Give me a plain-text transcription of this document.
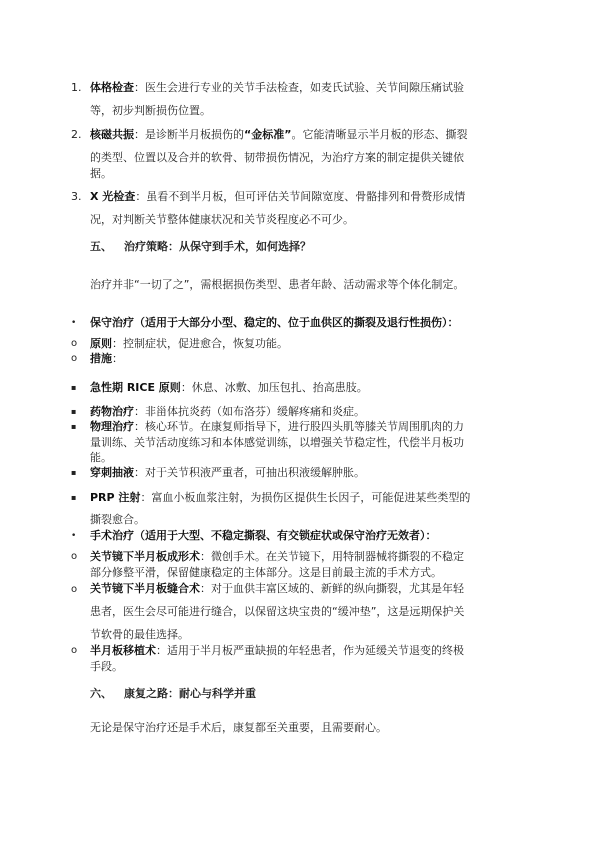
1. 体格检查：医生会进行专业的关节手法检查，如麦氏试验、关节间隙压痛试验
等，初步判断损伤位置。
2. 核磁共振：是诊断半月板损伤的“金标准”。它能清晰显示半月板的形态、撕裂
的类型、位置以及合并的软骨、韧带损伤情况，为治疗方案的制定提供关键依
据。
3. X 光检查：虽看不到半月板，但可评估关节间隙宽度、骨骼排列和骨赘形成情
况，对判断关节整体健康状况和关节炎程度必不可少。
五、 治疗策略：从保守到手术，如何选择？
治疗并非“一切了之”，需根据损伤类型、患者年龄、活动需求等个体化制定。
• 保守治疗（适用于大部分小型、稳定的、位于血供区的撕裂及退行性损伤）：
o 原则：控制症状，促进愈合，恢复功能。
o 措施：
▪ 急性期 RICE 原则：休息、冰敷、加压包扎、抬高患肢。
▪ 药物治疗：非甾体抗炎药（如布洛芬）缓解疼痛和炎症。
▪ 物理治疗：核心环节。在康复师指导下，进行股四头肌等膝关节周围肌肉的力
量训练、关节活动度练习和本体感觉训练，以增强关节稳定性，代偿半月板功
能。
▪ 穿刺抽液：对于关节积液严重者，可抽出积液缓解肿胀。
▪ PRP 注射：富血小板血浆注射，为损伤区提供生长因子，可能促进某些类型的
撕裂愈合。
• 手术治疗（适用于大型、不稳定撕裂、有交锁症状或保守治疗无效者）：
o 关节镜下半月板成形术：微创手术。在关节镜下，用特制器械将撕裂的不稳定
部分修整平滑，保留健康稳定的主体部分。这是目前最主流的手术方式。
o 关节镜下半月板缝合术：对于血供丰富区域的、新鲜的纵向撕裂，尤其是年轻
患者，医生会尽可能进行缝合，以保留这块宝贵的“缓冲垫”，这是远期保护关
节软骨的最佳选择。
o 半月板移植术：适用于半月板严重缺损的年轻患者，作为延缓关节退变的终极
手段。
六、 康复之路：耐心与科学并重
无论是保守治疗还是手术后，康复都至关重要，且需要耐心。
